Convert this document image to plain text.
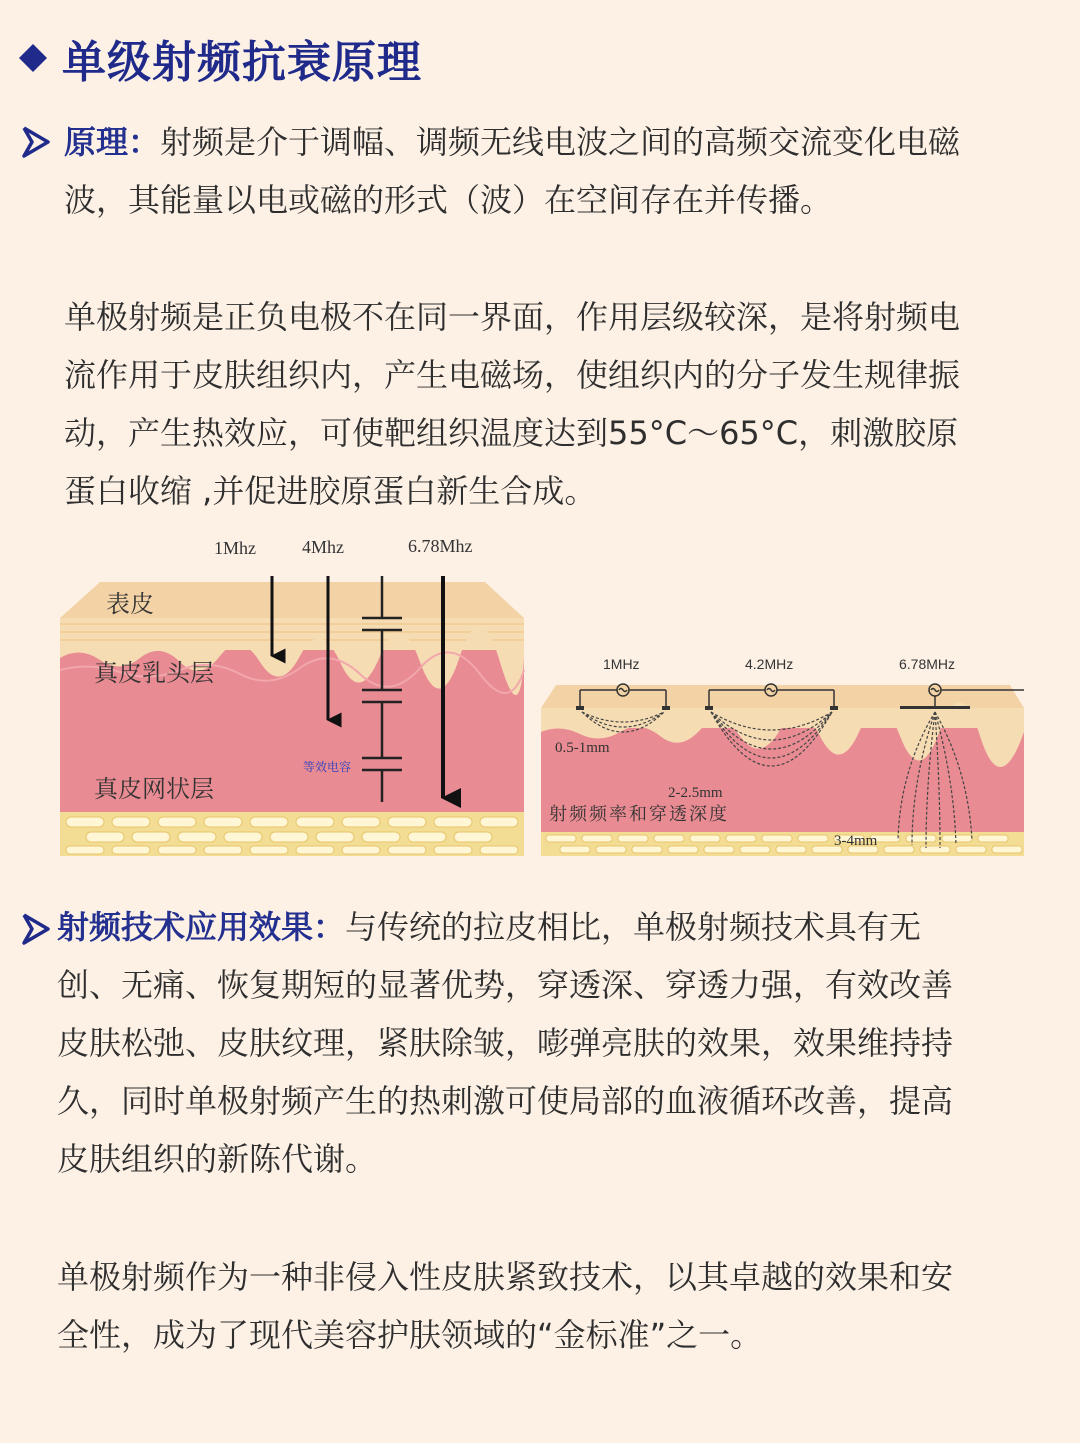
单级射频抗衰原理
原理：射频是介于调幅、调频无线电波之间的高频交流变化电磁
波，其能量以电或磁的形式（波）在空间存在并传播。
单极射频是正负电极不在同一界面，作用层级较深，是将射频电
流作用于皮肤组织内，产生电磁场，使组织内的分子发生规律振
动，产生热效应，可使靶组织温度达到55°C～65°C，刺激胶原
蛋白收缩 ,并促进胶原蛋白新生合成。
1Mhz	4Mhz	6.78Mhz
表皮
真皮乳头层
真皮网状层
等效电容
1MHz	4.2MHz	6.78MHz
0.5-1mm
2-2.5mm
3-4mm
射频频率和穿透深度
射频技术应用效果：与传统的拉皮相比，单极射频技术具有无
创、无痛、恢复期短的显著优势，穿透深、穿透力强，有效改善
皮肤松弛、皮肤纹理，紧肤除皱，嘭弹亮肤的效果，效果维持持
久，同时单极射频产生的热刺激可使局部的血液循环改善，提高
皮肤组织的新陈代谢。
单极射频作为一种非侵入性皮肤紧致技术，以其卓越的效果和安
全性，成为了现代美容护肤领域的“金标准”之一。
